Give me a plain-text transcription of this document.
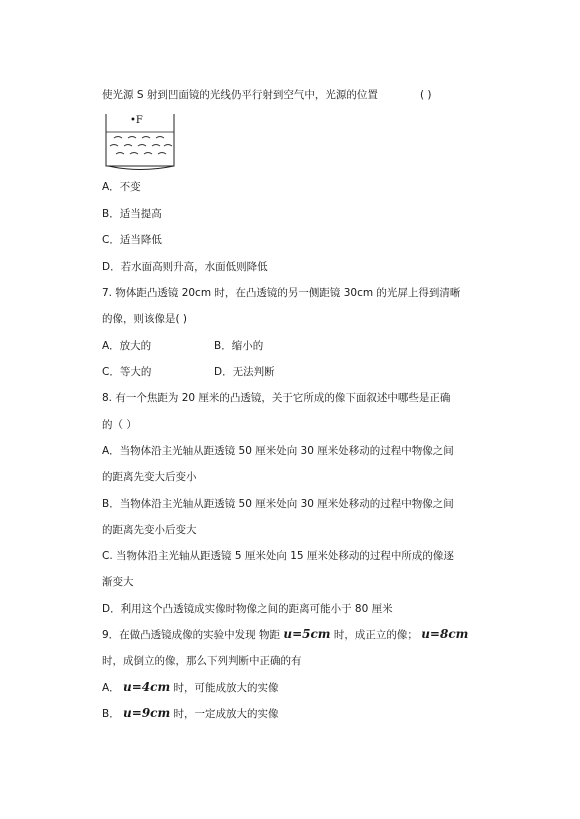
使光源 S 射到凹面镜的光线仍平行射到空气中，光源的位置	( )
•F
A．不变
B．适当提高
C．适当降低
D．若水面高则升高，水面低则降低
7. 物体距凸透镜 20cm 时，在凸透镜的另一侧距镜 30cm 的光屏上得到清晰
的像，则该像是( )
A．放大的	B．缩小的
C．等大的	D．无法判断
8. 有一个焦距为 20 厘米的凸透镜，关于它所成的像下面叙述中哪些是正确
的（ ）
A．当物体沿主光轴从距透镜 50 厘米处向 30 厘米处移动的过程中物像之间
的距离先变大后变小
B．当物体沿主光轴从距透镜 50 厘米处向 30 厘米处移动的过程中物像之间
的距离先变小后变大
C. 当物体沿主光轴从距透镜 5 厘米处向 15 厘米处移动的过程中所成的像逐
渐变大
D．利用这个凸透镜成实像时物像之间的距离可能小于 80 厘米
9．在做凸透镜成像的实验中发现 物距 u=5cm 时，成正立的像； u=8cm
时，成倒立的像，那么下列判断中正确的有
A． u=4cm 时，可能成放大的实像
B． u=9cm 时，一定成放大的实像
